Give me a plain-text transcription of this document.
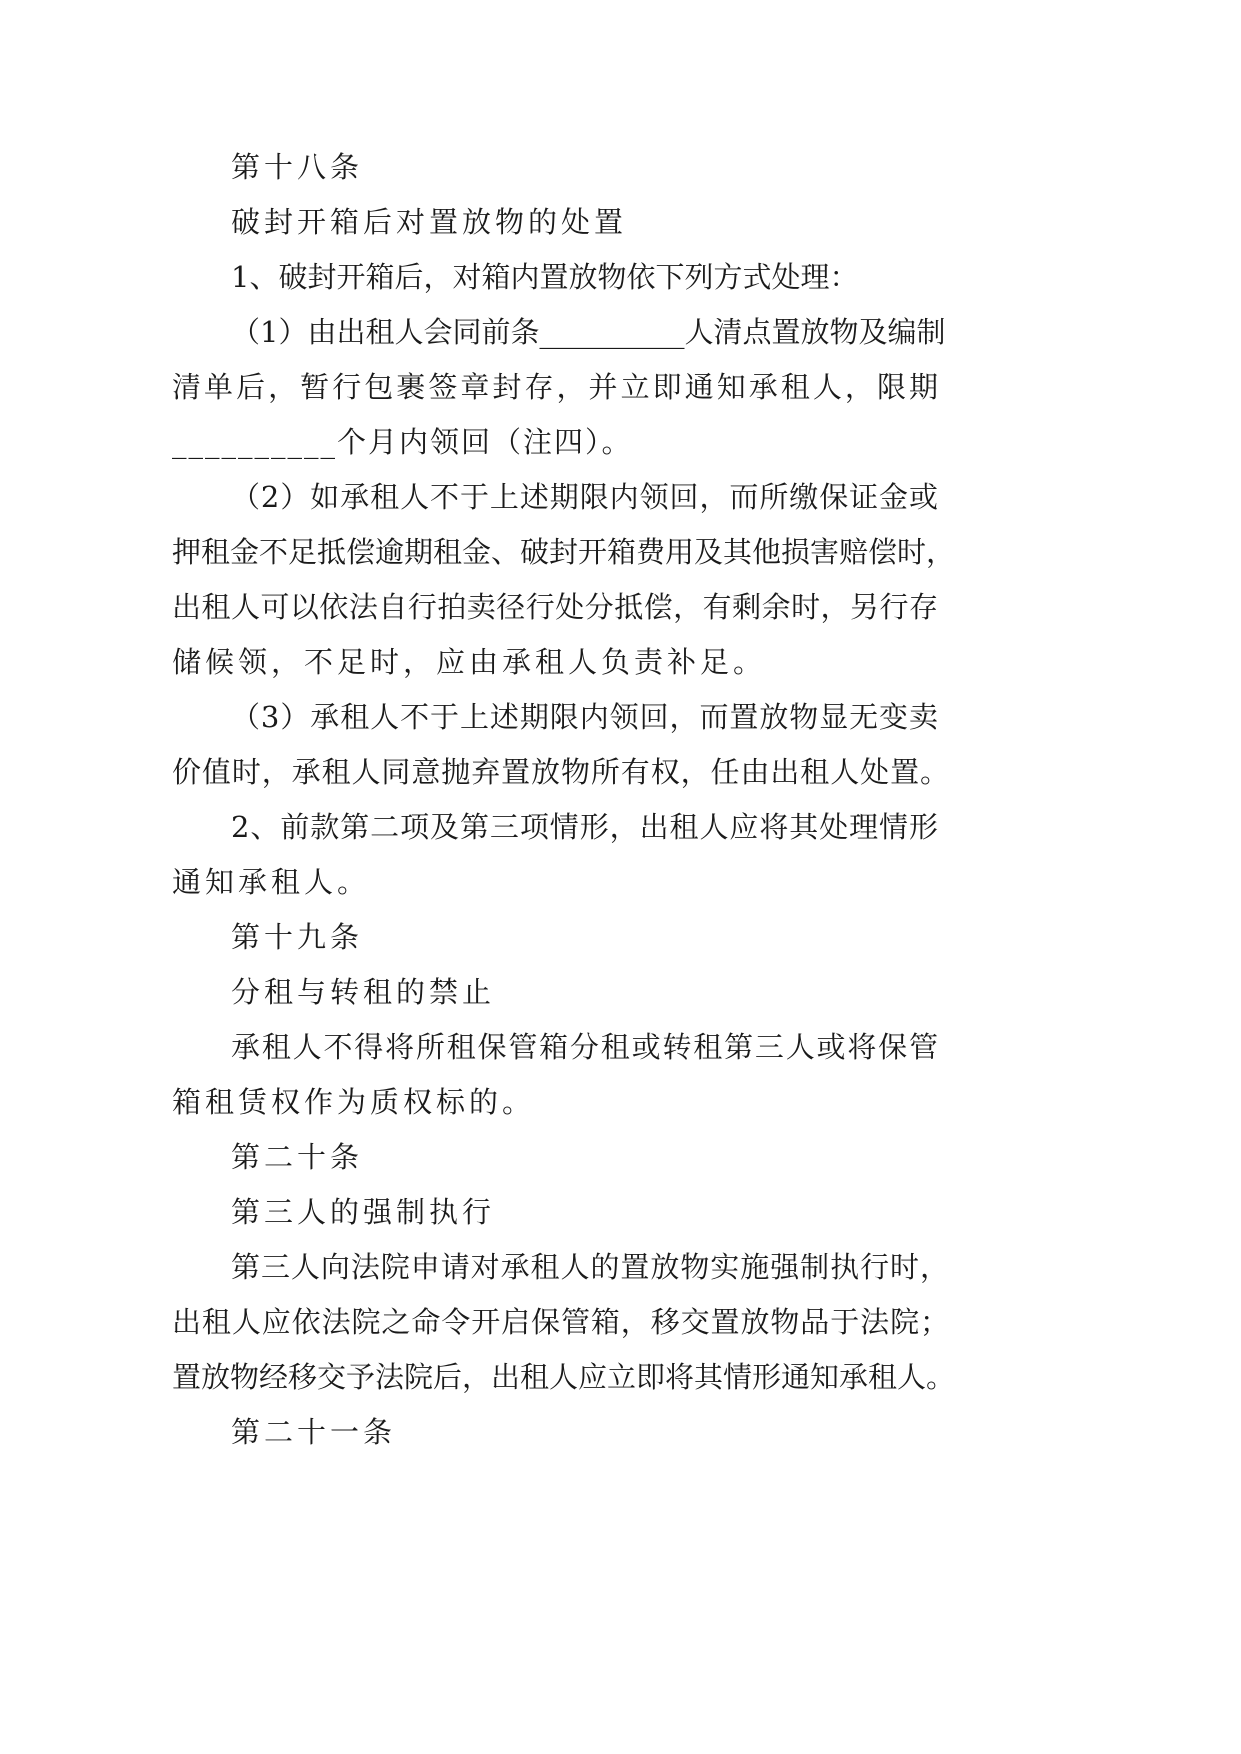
第十八条
破封开箱后对置放物的处置
1、破封开箱后，对箱内置放物依下列方式处理：
（1）由出租人会同前条__________人清点置放物及编制
清单后，暂行包裹签章封存，并立即通知承租人，限期
__________个月内领回（注四）。
（2）如承租人不于上述期限内领回，而所缴保证金或
押租金不足抵偿逾期租金、破封开箱费用及其他损害赔偿时，
出租人可以依法自行拍卖径行处分抵偿，有剩余时，另行存
储候领，不足时，应由承租人负责补足。
（3）承租人不于上述期限内领回，而置放物显无变卖
价值时，承租人同意抛弃置放物所有权，任由出租人处置。
2、前款第二项及第三项情形，出租人应将其处理情形
通知承租人。
第十九条
分租与转租的禁止
承租人不得将所租保管箱分租或转租第三人或将保管
箱租赁权作为质权标的。
第二十条
第三人的强制执行
第三人向法院申请对承租人的置放物实施强制执行时，
出租人应依法院之命令开启保管箱，移交置放物品于法院；
置放物经移交予法院后，出租人应立即将其情形通知承租人。
第二十一条
